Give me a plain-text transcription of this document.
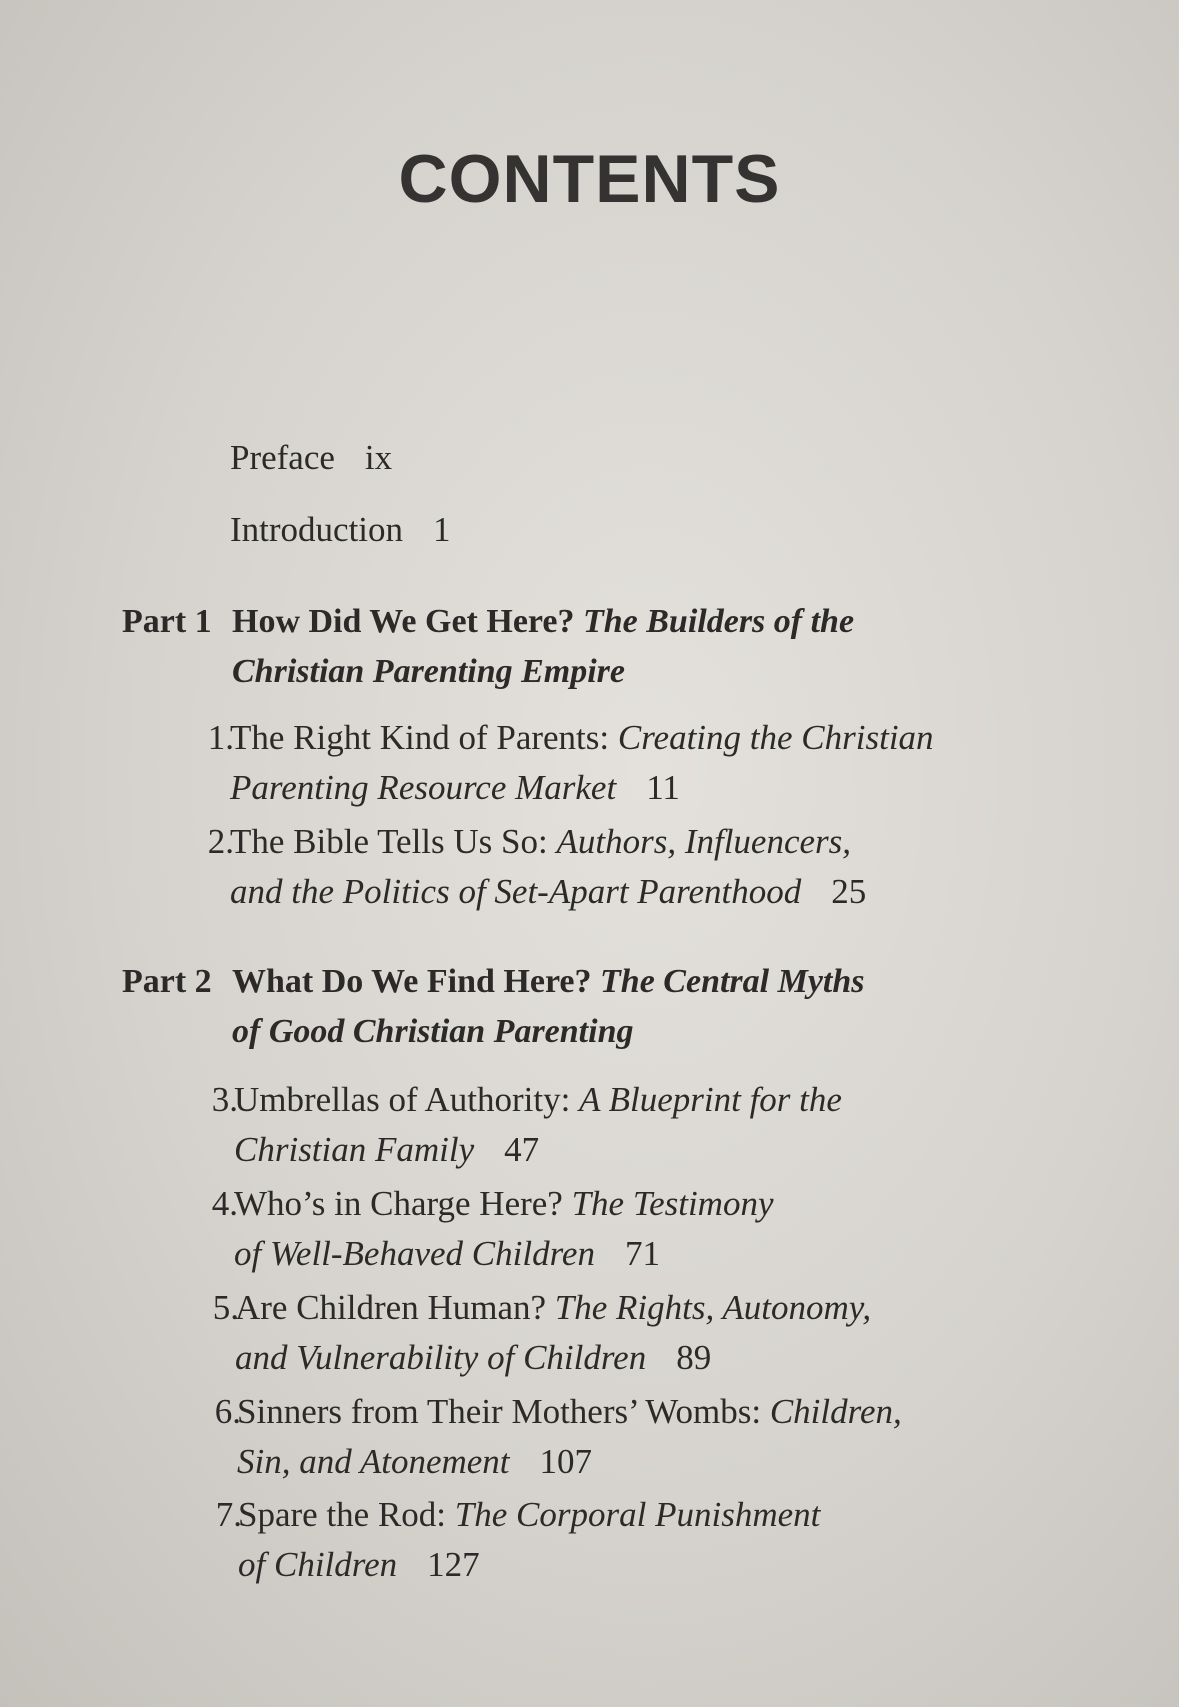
CONTENTS
Preface ix
Introduction 1
Part 1 How Did We Get Here? The Builders of the
Christian Parenting Empire
1.
The Right Kind of Parents: Creating the Christian
Parenting Resource Market 11
2.
The Bible Tells Us So: Authors, Influencers,
and the Politics of Set-Apart Parenthood 25
Part 2 What Do We Find Here? The Central Myths
of Good Christian Parenting
3.
Umbrellas of Authority: A Blueprint for the
Christian Family 47
4.
Who’s in Charge Here? The Testimony
of Well-Behaved Children 71
5.
Are Children Human? The Rights, Autonomy,
and Vulnerability of Children 89
6.
Sinners from Their Mothers’ Wombs: Children,
Sin, and Atonement 107
7.
Spare the Rod: The Corporal Punishment
of Children 127
